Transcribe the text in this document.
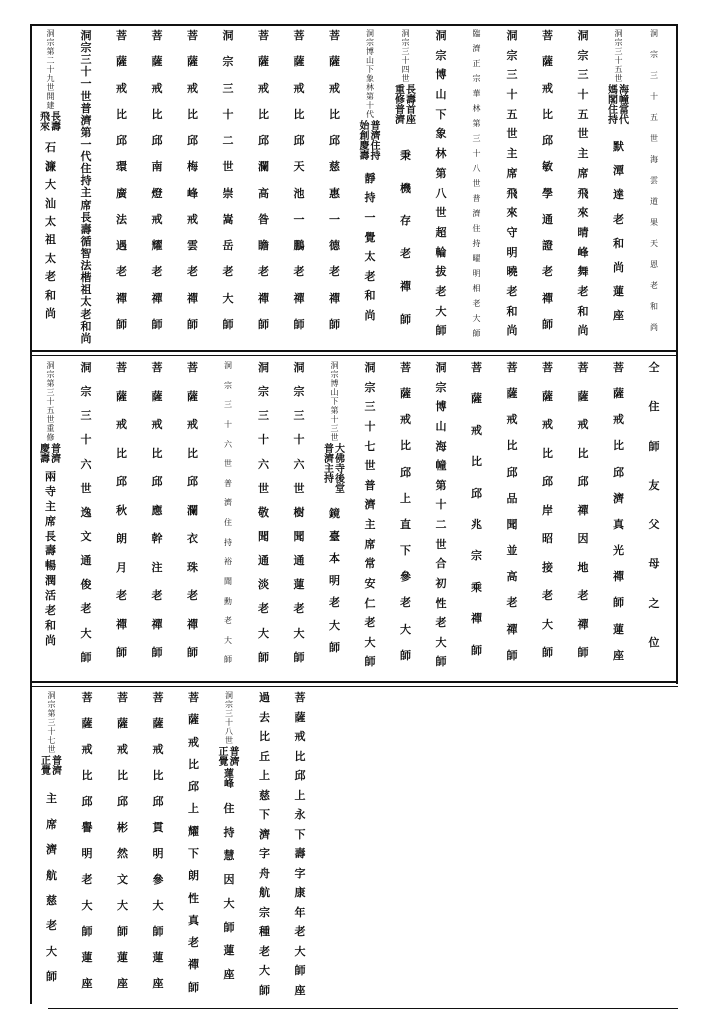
洞
宗
三
十
五
世
海
雲
道
果
天
恩
老
和
尚
洞
宗
三
十
五
世
海
幢
當
代
媽
閣
住
持
默
潭
達
老
和
尚
蓮
座
洞
宗
三
十
五
世
主
席
飛
來
晴
峰
舞
老
和
尚
菩
薩
戒
比
邱
敏
學
通
證
老
禪
師
洞
宗
三
十
五
世
主
席
飛
來
守
明
曉
老
和
尚
臨
濟
正
宗
華
林
第
三
十
八
世
普
濟
住
持
曜
明
相
老
大
師
洞
宗
博
山
下
象
林
第
八
世
超
輪
拔
老
大
師
洞
宗
三
十
四
世
長
壽
首
座
重
修
普
濟
秉
機
存
老
禪
師
洞
宗
博
山
下
象
林
第
十
代
普
濟
住
持
始
創
慶
壽
靜
持
一
覺
太
老
和
尚
菩
薩
戒
比
邱
慈
惠
一
德
老
禪
師
菩
薩
戒
比
邱
天
池
一
鵬
老
禪
師
菩
薩
戒
比
邱
瀾
高
昝
瞻
老
禪
師
洞
宗
三
十
二
世
崇
嵩
岳
老
大
師
菩
薩
戒
比
邱
梅
峰
戒
雲
老
禪
師
菩
薩
戒
比
邱
南
燈
戒
耀
老
禪
師
菩
薩
戒
比
邱
環
廣
法
遇
老
禪
師
洞
宗
三
十
一
世
普
濟
第
一
代
住
持
主
席
長
壽
循
智
法
楷
祖
太
老
和
尚
洞
宗
第
二
十
九
世
開
建
長
壽
飛
來
石
濂
大
汕
太
祖
太
老
和
尚
仝
住
師
友
父
母
之
位
菩
薩
戒
比
邱
濟
真
光
禪
師
蓮
座
菩
薩
戒
比
邱
禪
因
地
老
禪
師
菩
薩
戒
比
邱
岸
昭
接
老
大
師
菩
薩
戒
比
邱
品
聞
並
高
老
禪
師
菩
薩
戒
比
邱
兆
宗
乘
禪
師
洞
宗
博
山
海
幢
第
十
二
世
合
初
性
老
大
師
菩
薩
戒
比
邱
上
直
下
參
老
大
師
洞
宗
三
十
七
世
普
濟
主
席
常
安
仁
老
大
師
洞
宗
博
山
下
第
十
三
世
大
佛
寺
後
堂
普
濟
主
持
鏡
臺
本
明
老
大
師
洞
宗
三
十
六
世
樹
聞
通
蓮
老
大
師
洞
宗
三
十
六
世
敬
聞
通
淡
老
大
師
洞
宗
三
十
六
世
普
濟
住
持
裕
聞
勳
老
大
師
菩
薩
戒
比
邱
瀾
衣
珠
老
禪
師
菩
薩
戒
比
邱
應
幹
注
老
禪
師
菩
薩
戒
比
邱
秋
朗
月
老
禪
師
洞
宗
三
十
六
世
逸
文
通
俊
老
大
師
洞
宗
第
三
十
五
世
重
修
普
濟
慶
壽
兩
寺
主
席
長
壽
暢
潤
活
老
和
尚
菩
薩
戒
比
邱
上
永
下
壽
字
康
年
老
大
師
座
過
去
比
丘
上
慈
下
濟
字
舟
航
宗
種
老
大
師
洞
宗
三
十
八
世
普
濟
正
覺
蓮
峰
住
持
慧
因
大
師
蓮
座
菩
薩
戒
比
邱
上
耀
下
朗
性
真
老
禪
師
菩
薩
戒
比
邱
貫
明
參
大
師
蓮
座
菩
薩
戒
比
邱
彬
然
文
大
師
蓮
座
菩
薩
戒
比
邱
譽
明
老
大
師
蓮
座
洞
宗
第
三
十
七
世
普
濟
正
覺
主
席
濟
航
慈
老
大
師
